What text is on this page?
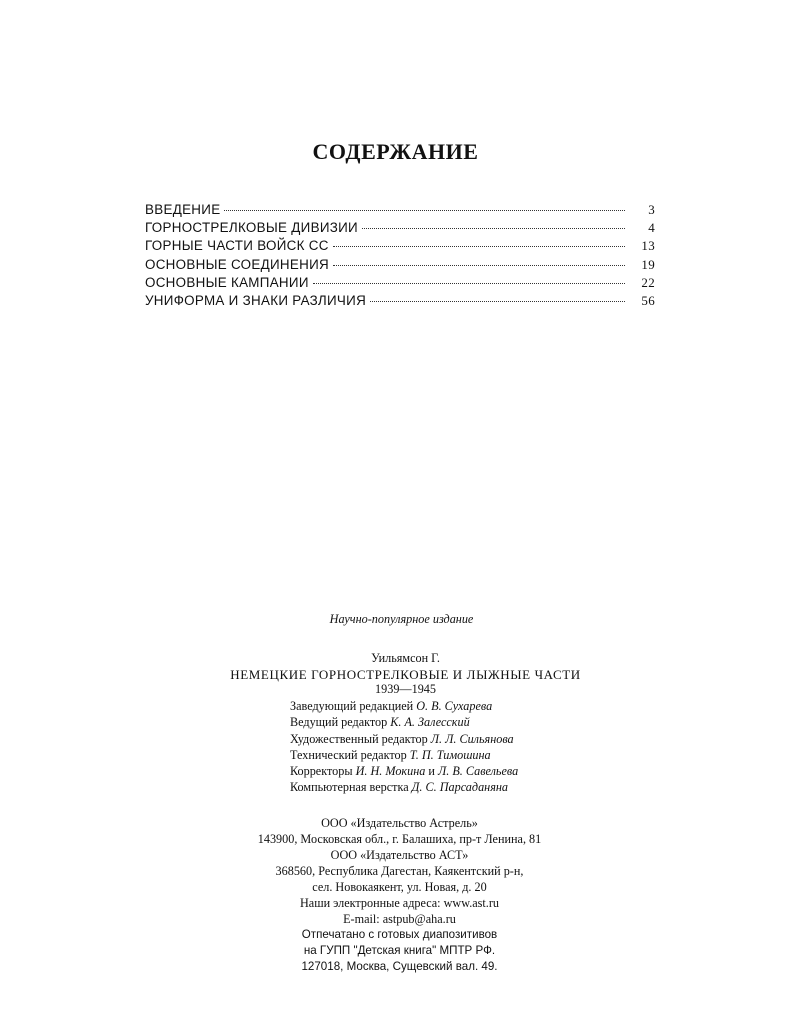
СОДЕРЖАНИЕ
ВВЕДЕНИЕ	3
ГОРНОСТРЕЛКОВЫЕ ДИВИЗИИ	4
ГОРНЫЕ ЧАСТИ ВОЙСК СС	13
ОСНОВНЫЕ СОЕДИНЕНИЯ	19
ОСНОВНЫЕ КАМПАНИИ	22
УНИФОРМА И ЗНАКИ РАЗЛИЧИЯ	56
Научно-популярное издание
Уильямсон Г.
НЕМЕЦКИЕ ГОРНОСТРЕЛКОВЫЕ И ЛЫЖНЫЕ ЧАСТИ
1939—1945
Заведующий редакцией О. В. Сухарева
Ведущий редактор К. А. Залесский
Художественный редактор Л. Л. Сильянова
Технический редактор Т. П. Тимошина
Корректоры И. Н. Мокина и Л. В. Савельева
Компьютерная верстка Д. С. Парсаданяна
ООО «Издательство Астрель»
143900, Московская обл., г. Балашиха, пр-т Ленина, 81
ООО «Издательство АСТ»
368560, Республика Дагестан, Каякентский р-н,
сел. Новокаякент, ул. Новая, д. 20
Наши электронные адреса: www.ast.ru
E-mail: astpub@aha.ru
Отпечатано с готовых диапозитивов
на ГУПП "Детская книга" МПТР РФ.
127018, Москва, Сущевский вал. 49.
